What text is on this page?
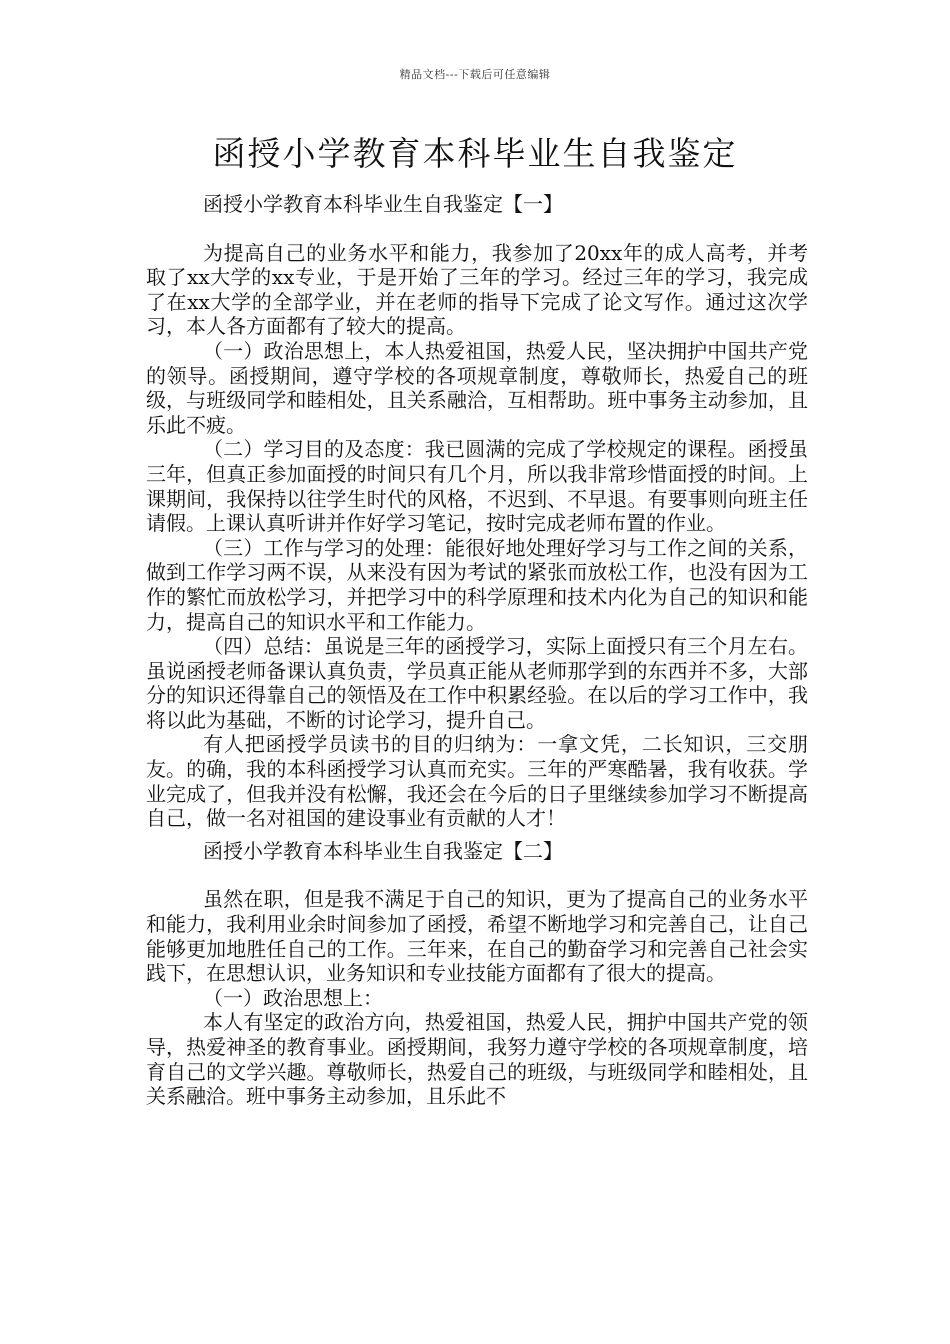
精品文档---下载后可任意编辑
函授小学教育本科毕业生自我鉴定

函授小学教育本科毕业生自我鉴定【一】

为提高自己的业务水平和能力，我参加了20xx年的成人高考，并考取了xx大学的xx专业，于是开始了三年的学习。经过三年的学习，我完成了在xx大学的全部学业，并在老师的指导下完成了论文写作。通过这次学习，本人各方面都有了较大的提高。

（一）政治思想上，本人热爱祖国，热爱人民，坚决拥护中国共产党的领导。函授期间，遵守学校的各项规章制度，尊敬师长，热爱自己的班级，与班级同学和睦相处，且关系融洽，互相帮助。班中事务主动参加，且乐此不疲。

（二）学习目的及态度：我已圆满的完成了学校规定的课程。函授虽三年，但真正参加面授的时间只有几个月，所以我非常珍惜面授的时间。上课期间，我保持以往学生时代的风格，不迟到、不早退。有要事则向班主任请假。上课认真听讲并作好学习笔记，按时完成老师布置的作业。

（三）工作与学习的处理：能很好地处理好学习与工作之间的关系，做到工作学习两不误，从来没有因为考试的紧张而放松工作，也没有因为工作的繁忙而放松学习，并把学习中的科学原理和技术内化为自己的知识和能力，提高自己的知识水平和工作能力。

（四）总结：虽说是三年的函授学习，实际上面授只有三个月左右。虽说函授老师备课认真负责，学员真正能从老师那学到的东西并不多，大部分的知识还得靠自己的领悟及在工作中积累经验。在以后的学习工作中，我将以此为基础，不断的讨论学习，提升自己。

有人把函授学员读书的目的归纳为：一拿文凭，二长知识，三交朋友。的确，我的本科函授学习认真而充实。三年的严寒酷暑，我有收获。学业完成了，但我并没有松懈，我还会在今后的日子里继续参加学习不断提高自己，做一名对祖国的建设事业有贡献的人才！

函授小学教育本科毕业生自我鉴定【二】

虽然在职，但是我不满足于自己的知识，更为了提高自己的业务水平和能力，我利用业余时间参加了函授，希望不断地学习和完善自己，让自己能够更加地胜任自己的工作。三年来，在自己的勤奋学习和完善自己社会实践下，在思想认识，业务知识和专业技能方面都有了很大的提高。

（一）政治思想上：

本人有坚定的政治方向，热爱祖国，热爱人民，拥护中国共产党的领导，热爱神圣的教育事业。函授期间，我努力遵守学校的各项规章制度，培育自己的文学兴趣。尊敬师长，热爱自己的班级，与班级同学和睦相处，且关系融洽。班中事务主动参加，且乐此不
